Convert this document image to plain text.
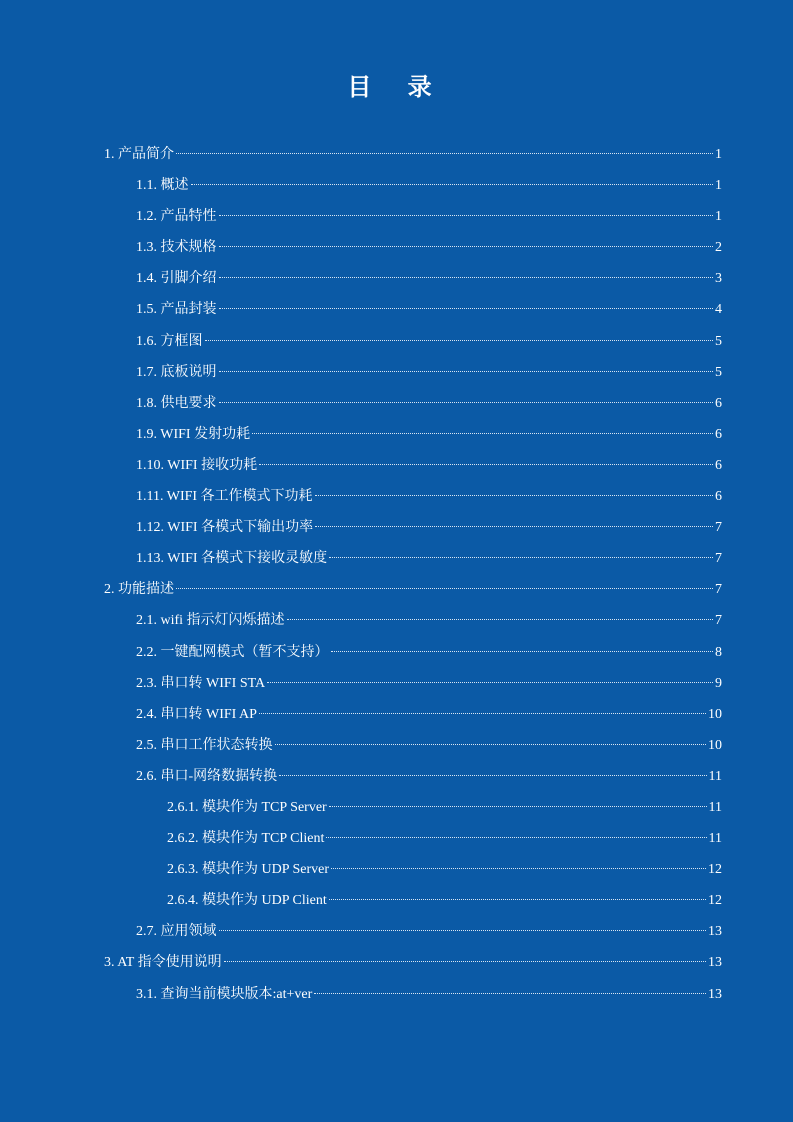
目 录
1. 产品简介	1
1.1. 概述	1
1.2. 产品特性	1
1.3. 技术规格	2
1.4. 引脚介绍	3
1.5. 产品封装	4
1.6. 方框图	5
1.7. 底板说明	5
1.8. 供电要求	6
1.9. WIFI 发射功耗	6
1.10. WIFI 接收功耗	6
1.11. WIFI 各工作模式下功耗	6
1.12. WIFI 各模式下输出功率	7
1.13. WIFI 各模式下接收灵敏度	7
2. 功能描述	7
2.1. wifi 指示灯闪烁描述	7
2.2. 一键配网模式（暂不支持）	8
2.3. 串口转 WIFI STA	9
2.4. 串口转 WIFI AP	10
2.5. 串口工作状态转换	10
2.6. 串口-网络数据转换	11
2.6.1. 模块作为 TCP Server	11
2.6.2. 模块作为 TCP Client	11
2.6.3. 模块作为 UDP Server	12
2.6.4. 模块作为 UDP Client	12
2.7. 应用领域	13
3. AT 指令使用说明	13
3.1. 查询当前模块版本:at+ver	13
